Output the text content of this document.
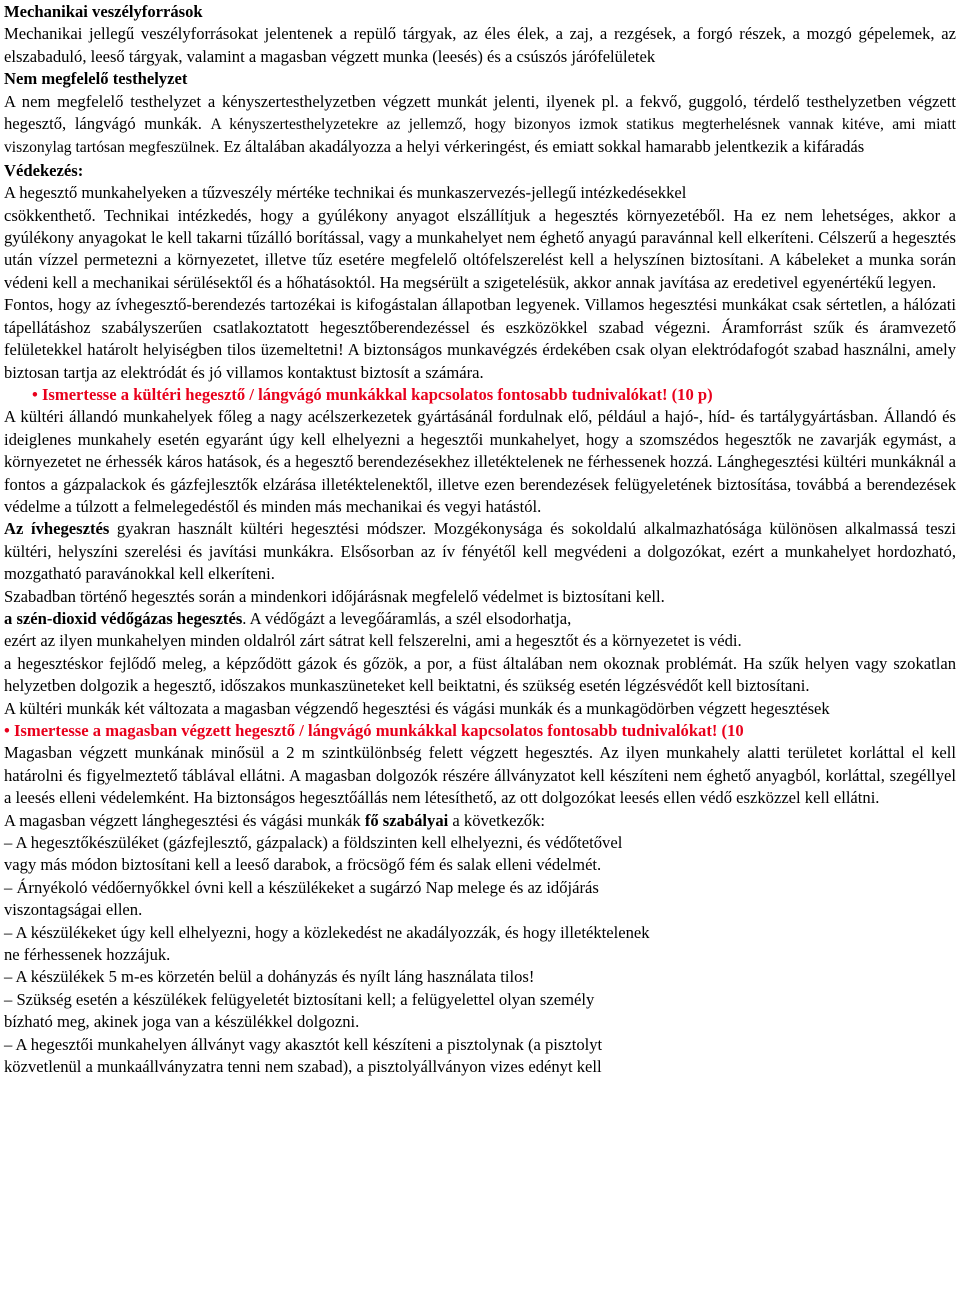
Mechanikai veszélyforrások

Mechanikai jellegű veszélyforrásokat jelentenek a repülő tárgyak, az éles élek, a zaj, a rezgések, a forgó részek, a mozgó gépelemek, az elszabaduló, leeső tárgyak, valamint a magasban végzett munka (leesés) és a csúszós járófelületek

Nem megfelelő testhelyzet

A nem megfelelő testhelyzet a kényszertesthelyzetben végzett munkát jelenti, ilyenek pl. a fekvő, guggoló, térdelő testhelyzetben végzett hegesztő, lángvágó munkák. A kényszertesthelyzetekre az jellemző, hogy bizonyos izmok statikus megterhelésnek vannak kitéve, ami miatt viszonylag tartósan megfeszülnek. Ez általában akadályozza a helyi vérkeringést, és emiatt sokkal hamarabb jelentkezik a kifáradás

Védekezés:

A hegesztő munkahelyeken a tűzveszély mértéke technikai és munkaszervezés-jellegű intézkedésekkel

csökkenthető. Technikai intézkedés, hogy a gyúlékony anyagot elszállítjuk a hegesztés környezetéből. Ha ez nem lehetséges, akkor a gyúlékony anyagokat le kell takarni tűzálló borítással, vagy a munkahelyet nem éghető anyagú paravánnal kell elkeríteni. Célszerű a hegesztés után vízzel permetezni a környezetet, illetve tűz esetére megfelelő oltófelszerelést kell a helyszínen biztosítani. A kábeleket a munka során védeni kell a mechanikai sérülésektől és a hőhatásoktól. Ha megsérült a szigetelésük, akkor annak javítása az eredetivel egyenértékű legyen.

Fontos, hogy az ívhegesztő-berendezés tartozékai is kifogástalan állapotban legyenek. Villamos hegesztési munkákat csak sértetlen, a hálózati tápellátáshoz szabályszerűen csatlakoztatott hegesztőberendezéssel és eszközökkel szabad végezni. Áramforrást szűk és áramvezető felületekkel határolt helyiségben tilos üzemeltetni! A biztonságos munkavégzés érdekében csak olyan elektródafogót szabad használni, amely biztosan tartja az elektródát és jó villamos kontaktust biztosít a számára.

• Ismertesse a kültéri hegesztő / lángvágó munkákkal kapcsolatos fontosabb tudnivalókat! (10 p)

A kültéri állandó munkahelyek főleg a nagy acélszerkezetek gyártásánál fordulnak elő, például a hajó-, híd- és tartálygyártásban. Állandó és ideiglenes munkahely esetén egyaránt úgy kell elhelyezni a hegesztői munkahelyet, hogy a szomszédos hegesztők ne zavarják egymást, a környezetet ne érhessék káros hatások, és a hegesztő berendezésekhez illetéktelenek ne férhessenek hozzá. Lánghegesztési kültéri munkáknál a fontos a gázpalackok és gázfejlesztők elzárása illetéktelenektől, illetve ezen berendezések felügyeletének biztosítása, továbbá a berendezések védelme a túlzott a felmelegedéstől és minden más mechanikai és vegyi hatástól.

Az ívhegesztés gyakran használt kültéri hegesztési módszer. Mozgékonysága és sokoldalú alkalmazhatósága különösen alkalmassá teszi kültéri, helyszíni szerelési és javítási munkákra. Elsősorban az ív fényétől kell megvédeni a dolgozókat, ezért a munkahelyet hordozható, mozgatható paravánokkal kell elkeríteni.

Szabadban történő hegesztés során a mindenkori időjárásnak megfelelő védelmet is biztosítani kell.

a szén-dioxid védőgázas hegesztés. A védőgázt a levegőáramlás, a szél elsodorhatja,

ezért az ilyen munkahelyen minden oldalról zárt sátrat kell felszerelni, ami a hegesztőt és a környezetet is védi.

a hegesztéskor fejlődő meleg, a képződött gázok és gőzök, a por, a füst általában nem okoznak problémát. Ha szűk helyen vagy szokatlan helyzetben dolgozik a hegesztő, időszakos munkaszüneteket kell beiktatni, és szükség esetén légzésvédőt kell biztosítani.

A kültéri munkák két változata a magasban végzendő hegesztési és vágási munkák és a munkagödörben végzett hegesztések

• Ismertesse a magasban végzett hegesztő / lángvágó munkákkal kapcsolatos fontosabb tudnivalókat! (10

Magasban végzett munkának minősül a 2 m szintkülönbség felett végzett hegesztés. Az ilyen munkahely alatti területet korláttal el kell határolni és figyelmeztető táblával ellátni. A magasban dolgozók részére állványzatot kell készíteni nem éghető anyagból, korláttal, szegéllyel a leesés elleni védelemként. Ha biztonságos hegesztőállás nem létesíthető, az ott dolgozókat leesés ellen védő eszközzel kell ellátni.

A magasban végzett lánghegesztési és vágási munkák fő szabályai a következők:

– A hegesztőkészüléket (gázfejlesztő, gázpalack) a földszinten kell elhelyezni, és védőtetővel

vagy más módon biztosítani kell a leeső darabok, a fröcsögő fém és salak elleni védelmét.

– Árnyékoló védőernyőkkel óvni kell a készülékeket a sugárzó Nap melege és az időjárás

viszontagságai ellen.

– A készülékeket úgy kell elhelyezni, hogy a közlekedést ne akadályozzák, és hogy illetéktelenek

ne férhessenek hozzájuk.

– A készülékek 5 m-es körzetén belül a dohányzás és nyílt láng használata tilos!

– Szükség esetén a készülékek felügyeletét biztosítani kell; a felügyelettel olyan személy

bízható meg, akinek joga van a készülékkel dolgozni.

– A hegesztői munkahelyen állványt vagy akasztót kell készíteni a pisztolynak (a pisztolyt

közvetlenül a munkaállványzatra tenni nem szabad), a pisztolyállványon vizes edényt kell
